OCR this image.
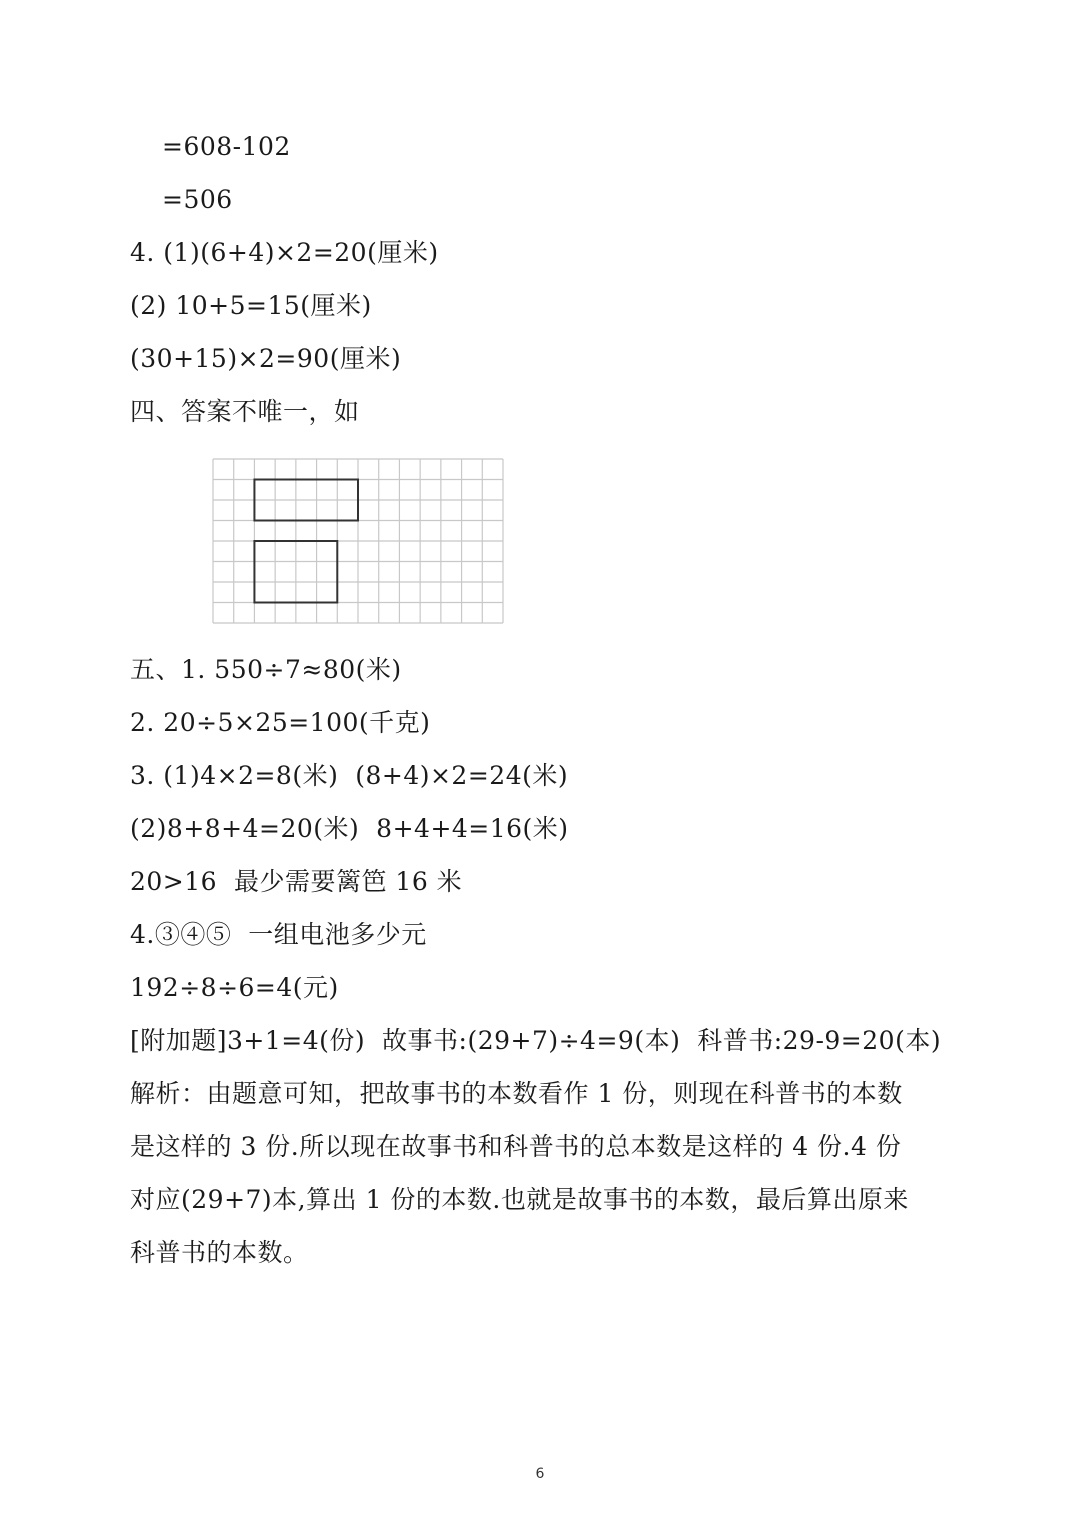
=608-102
=506
4. (1)(6+4)×2=20(厘米)
(2) 10+5=15(厘米)
(30+15)×2=90(厘米)
四、答案不唯一，如
五、1. 550÷7≈80(米)
2. 20÷5×25=100(千克)
3. (1)4×2=8(米)  (8+4)×2=24(米)
(2)8+8+4=20(米)  8+4+4=16(米)
20>16  最少需要篱笆 16 米
4.③④⑤  一组电池多少元
192÷8÷6=4(元)
[附加题]3+1=4(份)  故事书:(29+7)÷4=9(本)  科普书:29-9=20(本)
解析：由题意可知，把故事书的本数看作 1 份，则现在科普书的本数
是这样的 3 份.所以现在故事书和科普书的总本数是这样的 4 份.4 份
对应(29+7)本,算出 1 份的本数.也就是故事书的本数，最后算出原来
科普书的本数。
6
